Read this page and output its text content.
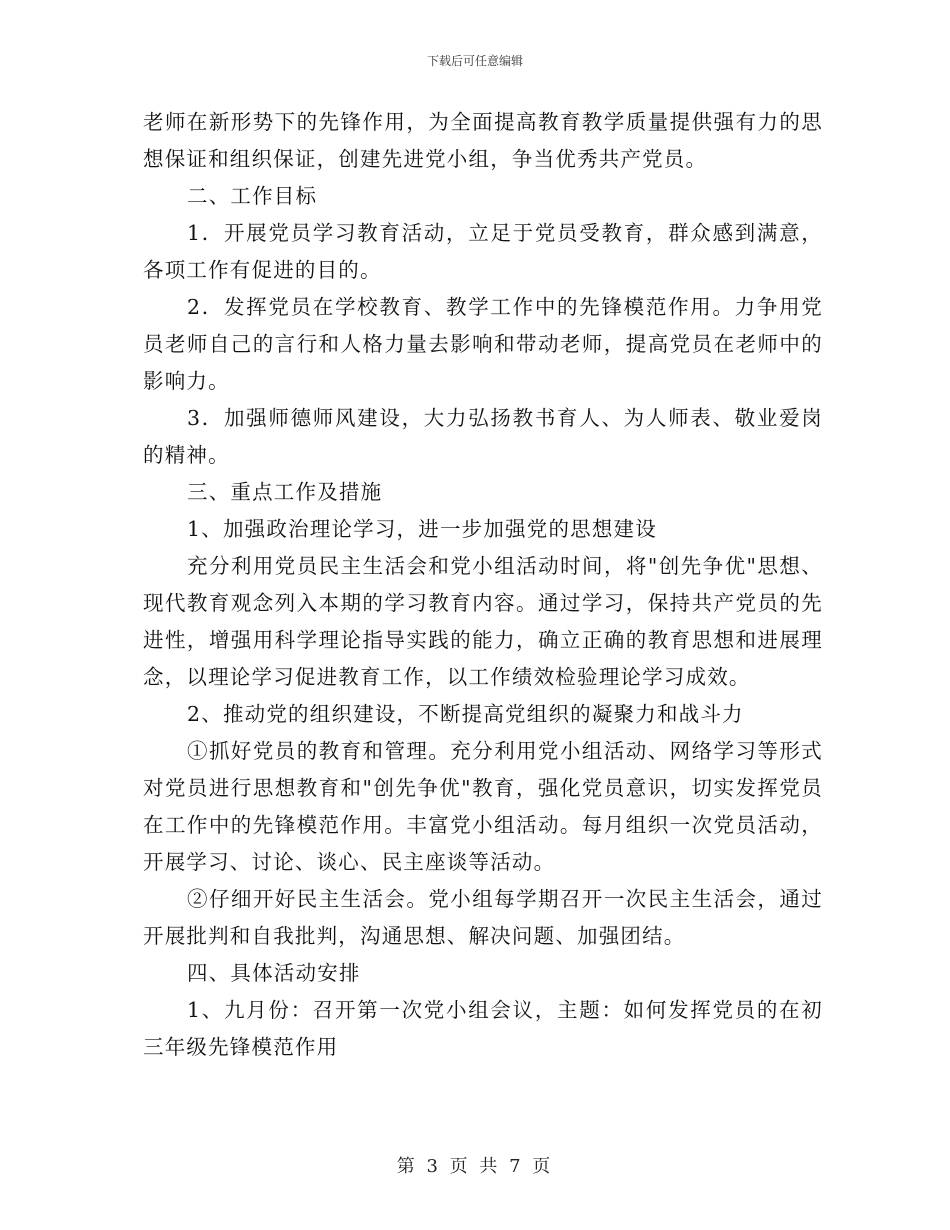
下载后可任意编辑

老师在新形势下的先锋作用，为全面提高教育教学质量提供强有力的思想保证和组织保证，创建先进党小组，争当优秀共产党员。

二、工作目标

1．开展党员学习教育活动，立足于党员受教育，群众感到满意，各项工作有促进的目的。

2．发挥党员在学校教育、教学工作中的先锋模范作用。力争用党员老师自己的言行和人格力量去影响和带动老师，提高党员在老师中的影响力。

3．加强师德师风建设，大力弘扬教书育人、为人师表、敬业爱岗的精神。

三、重点工作及措施

1、加强政治理论学习，进一步加强党的思想建设

充分利用党员民主生活会和党小组活动时间，将"创先争优"思想、现代教育观念列入本期的学习教育内容。通过学习，保持共产党员的先进性，增强用科学理论指导实践的能力，确立正确的教育思想和进展理念，以理论学习促进教育工作，以工作绩效检验理论学习成效。

2、推动党的组织建设，不断提高党组织的凝聚力和战斗力

①抓好党员的教育和管理。充分利用党小组活动、网络学习等形式对党员进行思想教育和"创先争优"教育，强化党员意识，切实发挥党员在工作中的先锋模范作用。丰富党小组活动。每月组织一次党员活动，开展学习、讨论、谈心、民主座谈等活动。

②仔细开好民主生活会。党小组每学期召开一次民主生活会，通过开展批判和自我批判，沟通思想、解决问题、加强团结。

四、具体活动安排

1、九月份：召开第一次党小组会议，主题：如何发挥党员的在初三年级先锋模范作用

第 3 页 共 7 页
